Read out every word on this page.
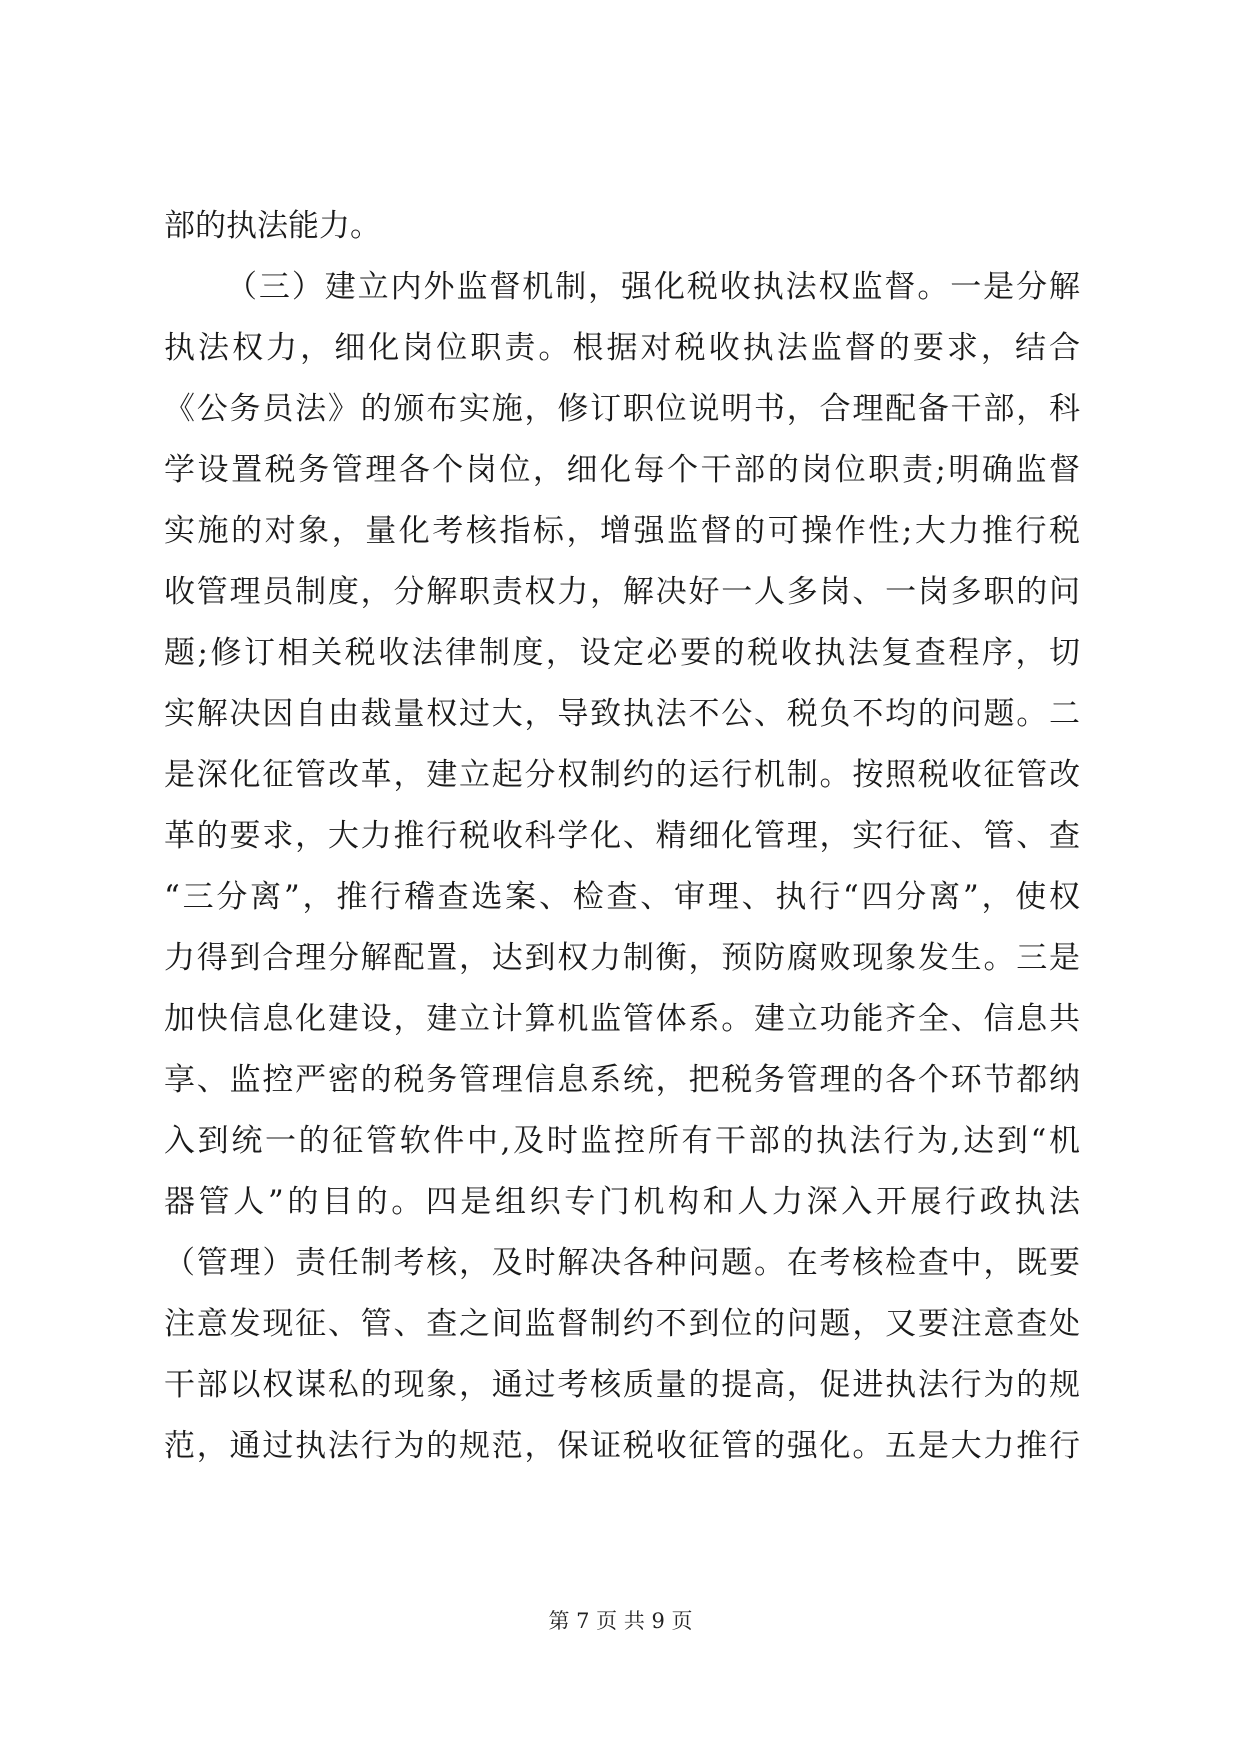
部的执法能力。
（三）建立内外监督机制，强化税收执法权监督。一是分解
执法权力，细化岗位职责。根据对税收执法监督的要求，结合
《公务员法》的颁布实施，修订职位说明书，合理配备干部，科
学设置税务管理各个岗位，细化每个干部的岗位职责;明确监督
实施的对象，量化考核指标，增强监督的可操作性;大力推行税
收管理员制度，分解职责权力，解决好一人多岗、一岗多职的问
题;修订相关税收法律制度，设定必要的税收执法复查程序，切
实解决因自由裁量权过大，导致执法不公、税负不均的问题。二
是深化征管改革，建立起分权制约的运行机制。按照税收征管改
革的要求，大力推行税收科学化、精细化管理，实行征、管、查
“三分离”，推行稽查选案、检查、审理、执行“四分离”，使权
力得到合理分解配置，达到权力制衡，预防腐败现象发生。三是
加快信息化建设，建立计算机监管体系。建立功能齐全、信息共
享、监控严密的税务管理信息系统，把税务管理的各个环节都纳
入到统一的征管软件中,及时监控所有干部的执法行为,达到“机
器管人”的目的。四是组织专门机构和人力深入开展行政执法
（管理）责任制考核，及时解决各种问题。在考核检查中，既要
注意发现征、管、查之间监督制约不到位的问题，又要注意查处
干部以权谋私的现象，通过考核质量的提高，促进执法行为的规
范，通过执法行为的规范，保证税收征管的强化。五是大力推行
第 7 页 共 9 页
